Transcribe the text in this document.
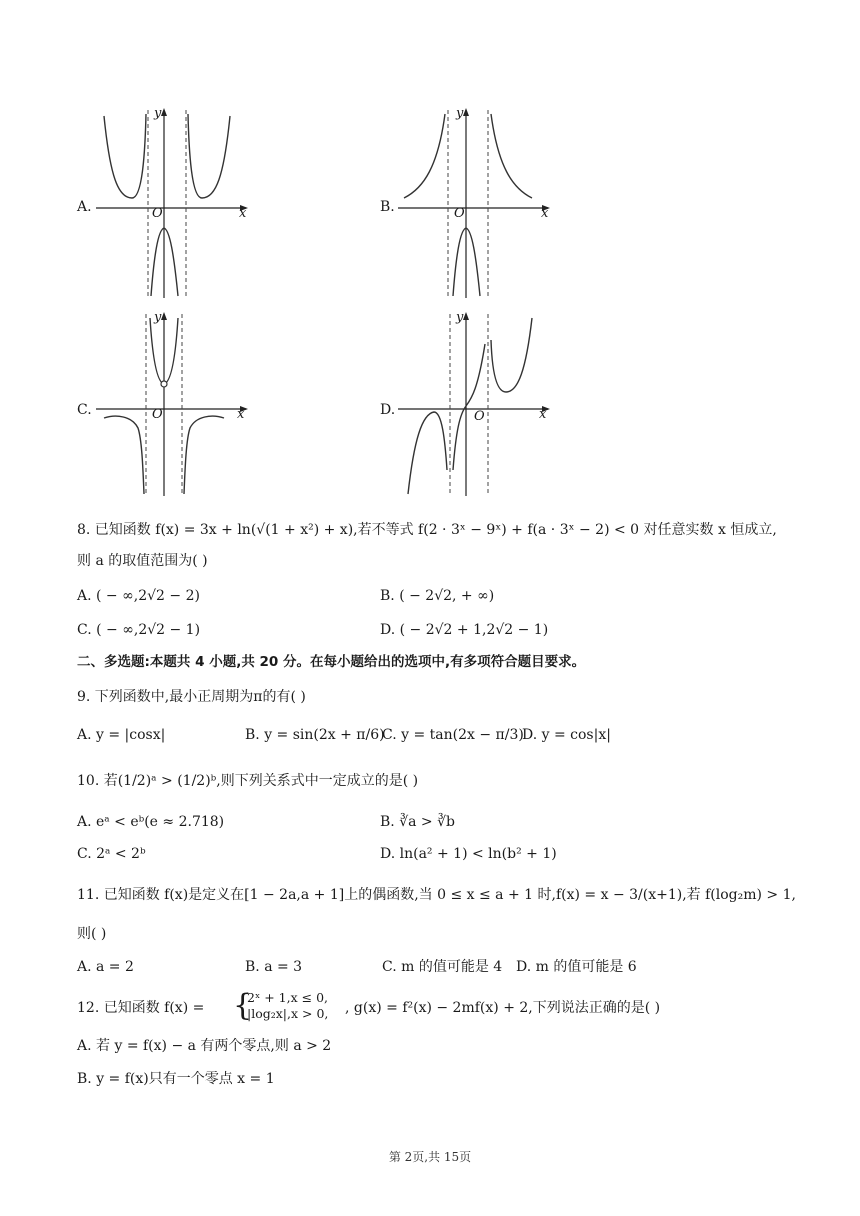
y
x
O
A.
y
x
O
B.
y
x
O
C.
y
x
O
D.
8. 已知函数 f(x) = 3x + ln(√(1 + x²) + x),若不等式 f(2 · 3ˣ − 9ˣ) + f(a · 3ˣ − 2) < 0 对任意实数 x 恒成立,
则 a 的取值范围为( )
A. ( − ∞,2√2 − 2)	B. ( − 2√2, + ∞)
C. ( − ∞,2√2 − 1)	D. ( − 2√2 + 1,2√2 − 1)
二、多选题:本题共 4 小题,共 20 分。在每小题给出的选项中,有多项符合题目要求。
9. 下列函数中,最小正周期为π的有( )
A. y = |cosx|	B. y = sin(2x + π/6)
C. y = tan(2x − π/3)
D. y = cos|x|
10. 若(1/2)ᵃ > (1/2)ᵇ,则下列关系式中一定成立的是( )
A. eᵃ < eᵇ(e ≈ 2.718)	B. ∛a > ∛b
C. 2ᵃ < 2ᵇ	D. ln(a² + 1) < ln(b² + 1)
11. 已知函数 f(x)是定义在[1 − 2a,a + 1]上的偶函数,当 0 ≤ x ≤ a + 1 时,f(x) = x − 3/(x+1),若 f(log₂m) > 1,
则( )
A. a = 2	B. a = 3	C. m 的值可能是 4 D. m 的值可能是 6
12. 已知函数 f(x) = {
2ˣ + 1,x ≤ 0,
|log₂x|,x > 0, , g(x) = f²(x) − 2mf(x) + 2,下列说法正确的是( )
A. 若 y = f(x) − a 有两个零点,则 a > 2
B. y = f(x)只有一个零点 x = 1
第 2页,共 15页
